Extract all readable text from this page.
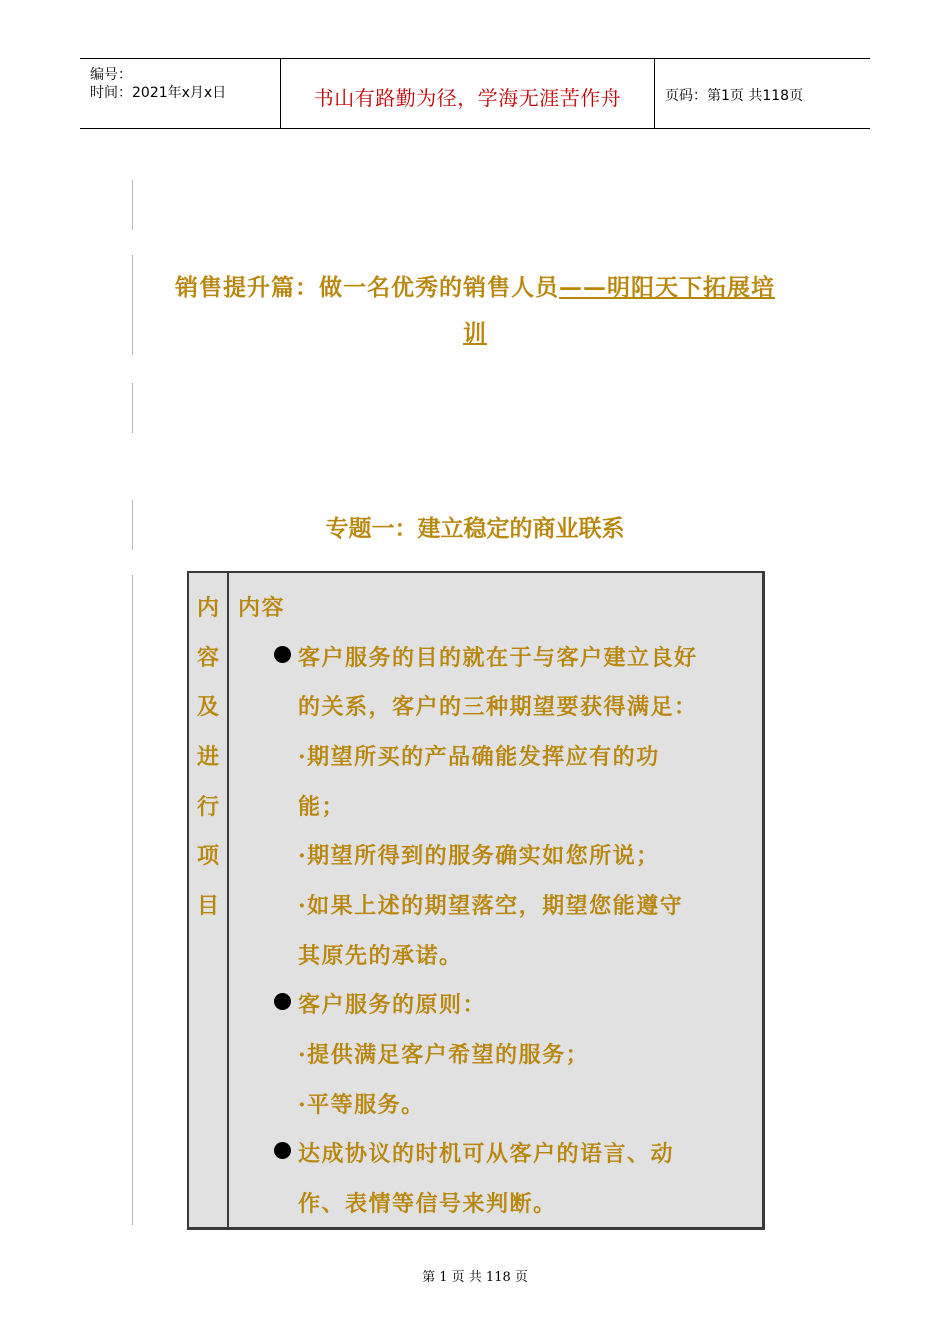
编号：
时间：2021年x月x日	书山有路勤为径，学海无涯苦作舟	页码：第1页 共118页
销售提升篇：做一名优秀的销售人员——明阳天下拓展培
训
专题一：建立稳定的商业联系
内
容
及
进
行
项
目
内容
客户服务的目的就在于与客户建立良好
的关系，客户的三种期望要获得满足：
·期望所买的产品确能发挥应有的功
能；
·期望所得到的服务确实如您所说；
·如果上述的期望落空，期望您能遵守
其原先的承诺。
客户服务的原则：
·提供满足客户希望的服务；
·平等服务。
达成协议的时机可从客户的语言、动
作、表情等信号来判断。
第 1 页 共 118 页
